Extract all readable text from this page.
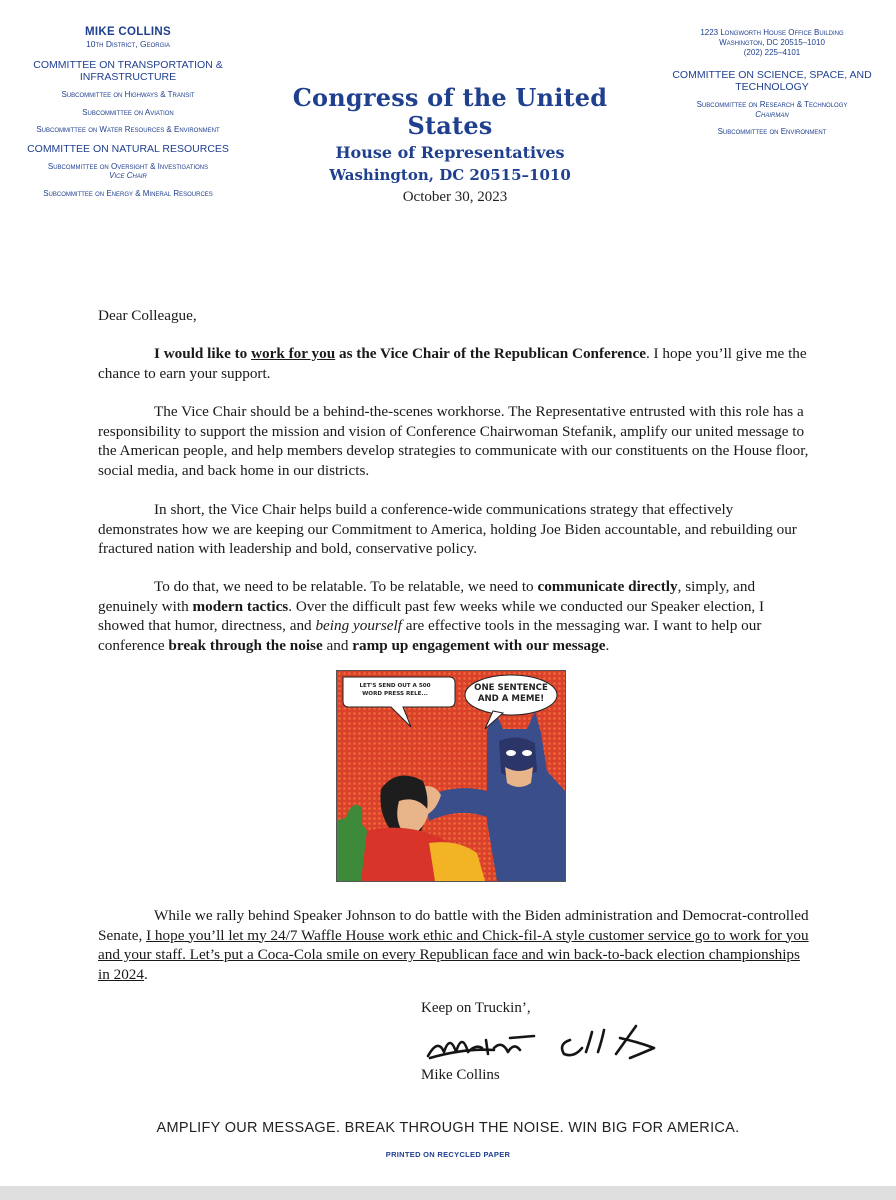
MIKE COLLINS
10th District, Georgia
COMMITTEE ON TRANSPORTATION & INFRASTRUCTURE
Subcommittee on Highways & Transit
Subcommittee on Aviation
Subcommittee on Water Resources & Environment
COMMITTEE ON NATURAL RESOURCES
Subcommittee on Oversight & Investigations
Vice Chair
Subcommittee on Energy & Mineral Resources
Congress of the United States
House of Representatives
Washington, DC 20515–1010
1223 Longworth House Office Building
Washington, DC 20515–1010
(202) 225–4101
COMMITTEE ON SCIENCE, SPACE, AND TECHNOLOGY
Subcommittee on Research & Technology
Chairman
Subcommittee on Environment
October 30, 2023
Dear Colleague,
I would like to work for you as the Vice Chair of the Republican Conference. I hope you’ll give me the chance to earn your support.
The Vice Chair should be a behind-the-scenes workhorse. The Representative entrusted with this role has a responsibility to support the mission and vision of Conference Chairwoman Stefanik, amplify our united message to the American people, and help members develop strategies to communicate with our constituents on the House floor, social media, and back home in our districts.
In short, the Vice Chair helps build a conference-wide communications strategy that effectively demonstrates how we are keeping our Commitment to America, holding Joe Biden accountable, and rebuilding our fractured nation with leadership and bold, conservative policy.
To do that, we need to be relatable. To be relatable, we need to communicate directly, simply, and genuinely with modern tactics. Over the difficult past few weeks while we conducted our Speaker election, I showed that humor, directness, and being yourself are effective tools in the messaging war. I want to help our conference break through the noise and ramp up engagement with our message.
LET'S SEND OUT A 500 WORD PRESS RELE...
ONE SENTENCE AND A MEME!
While we rally behind Speaker Johnson to do battle with the Biden administration and Democrat-controlled Senate, I hope you’ll let my 24/7 Waffle House work ethic and Chick-fil-A style customer service go to work for you and your staff. Let’s put a Coca-Cola smile on every Republican face and win back-to-back election championships in 2024.
Keep on Truckin’,
Mike Collins
AMPLIFY OUR MESSAGE. BREAK THROUGH THE NOISE. WIN BIG FOR AMERICA.
PRINTED ON RECYCLED PAPER
